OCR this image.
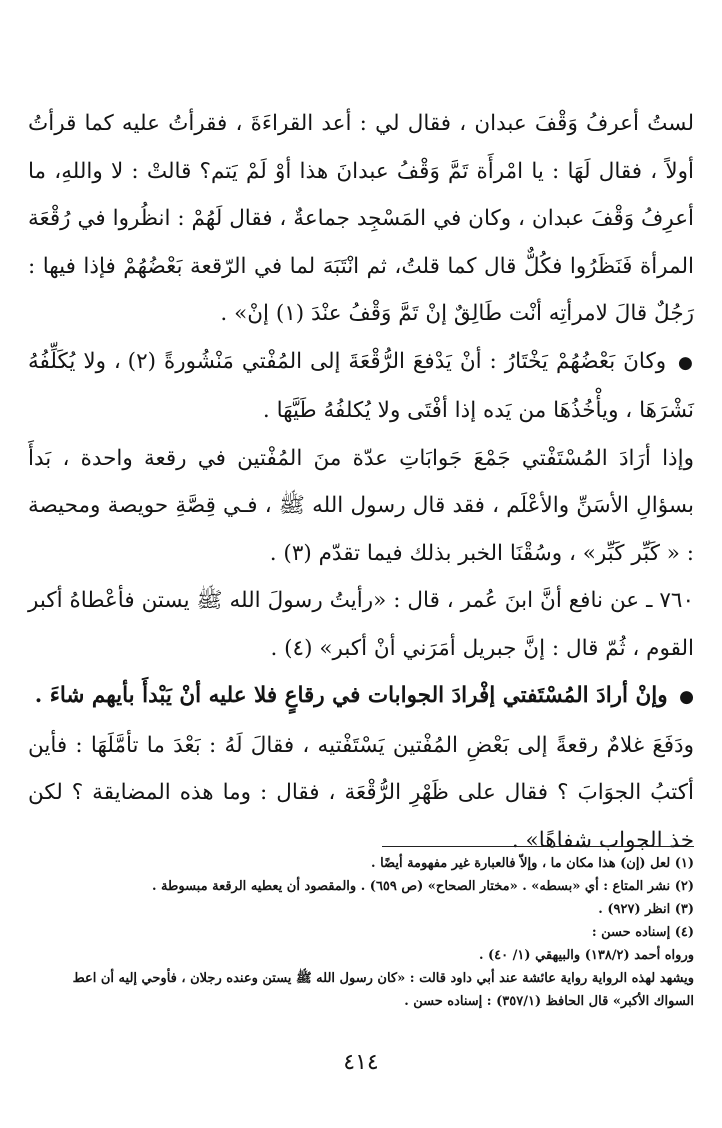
لستُ أعرفُ وَقْفَ عبدان ، فقال لي : أعد القراءَةَ ، فقرأتُ عليه كما قرأتُ أولاً ، فقال لَهَا : يا امْرأَة تَمَّ وَقْفُ عبدانَ هذا أوْ لَمْ يَتم؟ قالتْ : لا واللهِ، ما أعرِفُ وَقْفَ عبدان ، وكان في المَسْجِد جماعةٌ ، فقال لَهُمْ : انظُروا في رُقْعَة المرأة فَنَظَرُوا فكُلٌّ قال كما قلتُ، ثم انْتَبَهَ لما في الرّقعة بَعْضُهُمْ فإذا فيها : رَجُلٌ قالَ لامرأتِه أنْت طَالِقٌ إنْ تَمَّ وَقْفُ عنْدَ (١) إنْ» .

● وكانَ بَعْضُهُمْ يَخْتَارُ : أنْ يَدْفعَ الرُّقْعَةَ إلى المُفْتي مَنْشُورةً (٢) ، ولا يُكَلِّفُهُ نَشْرَهَا ، ويأْخُذُهَا من يَده إذا أفْتَى ولا يُكلفُهُ طَيَّهَا .

وإذا أرَادَ المُسْتَفْتي جَمْعَ جَوابَاتِ عدّة منَ المُفْتين في رقعة واحدة ، بَدأَ بسؤالِ الأسَنِّ والأعْلَم ، فقد قال رسول الله ﷺ ، فـي قِصَّةِ حويصة ومحيصة : « كَبِّر كَبِّر» ، وسُقْنَا الخبر بذلك فيما تقدّم (٣) .

٧٦٠ ـ عن نافع أنَّ ابنَ عُمر ، قال : «رأيتُ رسولَ الله ﷺ يستن فأعْطاهُ أكبر القوم ، ثُمّ قال : إنَّ جبريل أمَرَني أنْ أكبر» (٤) .

● وإنْ أرادَ المُسْتَفتي إفْرادَ الجوابات في رقاعٍ فلا عليه أنْ يَبْدأَ بأيهم شاءَ .

ودَفَعَ غلامٌ رقعةً إلى بَعْضِ المُفْتين يَسْتَفْتيه ، فقالَ لَهُ : بَعْدَ ما تأمَّلَهَا : فأين أكتبُ الجوَابَ ؟ فقال على ظَهْرِ الرُّقْعَة ، فقال : وما هذه المضايقة ؟ لكن خذ الجواب شفاهًا» .

(١) لعل (إن) هذا مكان ما ، وإلاّ فالعبارة غير مفهومة أيضًا .

(٢) نشر المتاع : أي «بسطه» . «مختار الصحاح» (ص ٦٥٩) . والمقصود أن يعطيه الرقعة مبسوطة .

(٣) انظر (٩٢٧) .

(٤) إسناده حسن :

ورواه أحمد (١٣٨/٢) والبيهقي (١/ ٤٠) .

ويشهد لهذه الرواية رواية عائشة عند أبي داود قالت : «كان رسول الله ﷺ يستن وعنده رجلان ، فأوحي إليه أن اعط السواك الأكبر» قال الحافظ (٣٥٧/١) : إسناده حسن .

٤١٤
